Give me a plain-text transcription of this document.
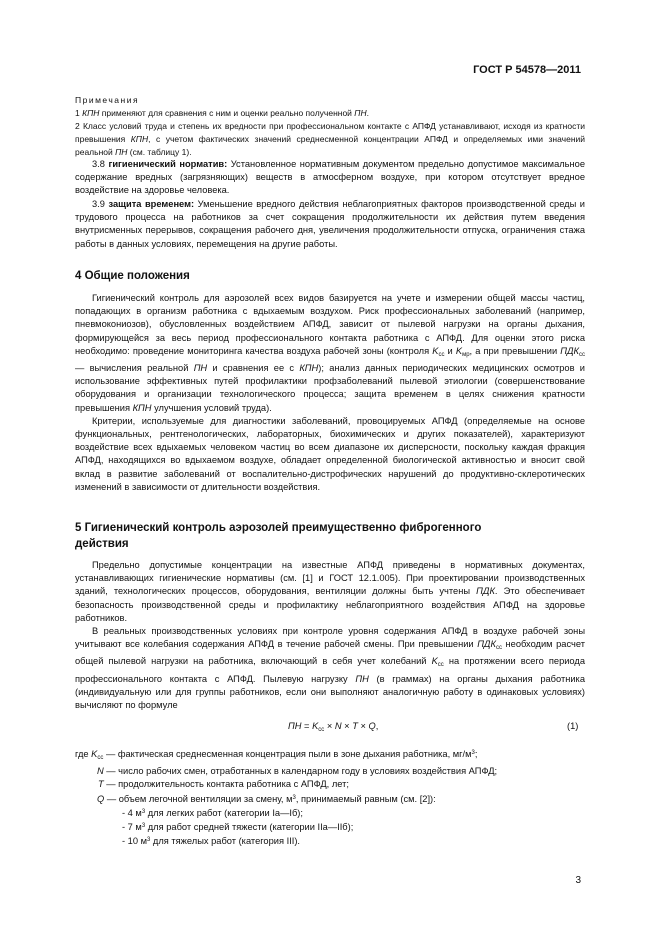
ГОСТ Р 54578—2011

Примечания

1 КПН применяют для сравнения с ним и оценки реально полученной ПН.

2 Класс условий труда и степень их вредности при профессиональном контакте с АПФД устанавливают, исходя из кратности превышения КПН, с учетом фактических значений среднесменной концентрации АПФД и определяемых ими значений реальной ПН (см. таблицу 1).

3.8 гигиенический норматив: Установленное нормативным документом предельно допустимое максимальное содержание вредных (загрязняющих) веществ в атмосферном воздухе, при котором отсутствует вредное воздействие на здоровье человека.

3.9 защита временем: Уменьшение вредного действия неблагоприятных факторов производственной среды и трудового процесса на работников за счет сокращения продолжительности их действия путем введения внутрисменных перерывов, сокращения рабочего дня, увеличения продолжительности отпуска, ограничения стажа работы в данных условиях, перемещения на другие работы.

4 Общие положения

Гигиенический контроль для аэрозолей всех видов базируется на учете и измерении общей массы частиц, попадающих в организм работника с вдыхаемым воздухом. Риск профессиональных заболеваний (например, пневмокониозов), обусловленных воздействием АПФД, зависит от пылевой нагрузки на органы дыхания, формирующейся за весь период профессионального контакта работника с АПФД. Для оценки этого риска необходимо: проведение мониторинга качества воздуха рабочей зоны (контроля $K_{сс}$ и $K_{мр}$, а при превышении $ПДК_{сс}$ — вычисления реальной ПН и сравнения ее с КПН); анализ данных периодических медицинских осмотров и использование эффективных путей профилактики профзаболеваний пылевой этиологии (совершенствование оборудования и организации технологического процесса; защита временем в целях снижения кратности превышения КПН улучшения условий труда).

Критерии, используемые для диагностики заболеваний, провоцируемых АПФД (определяемые на основе функциональных, рентгенологических, лабораторных, биохимических и других показателей), характеризуют воздействие всех вдыхаемых человеком частиц во всем диапазоне их дисперсности, поскольку каждая фракция АПФД, находящихся во вдыхаемом воздухе, обладает определенной биологической активностью и вносит свой вклад в развитие заболеваний от воспалительно-дистрофических нарушений до продуктивно-склеротических изменений в зависимости от длительности воздействия.

5 Гигиенический контроль аэрозолей преимущественно фиброгенного
действия

Предельно допустимые концентрации на известные АПФД приведены в нормативных документах, устанавливающих гигиенические нормативы (см. [1] и ГОСТ 12.1.005). При проектировании производственных зданий, технологических процессов, оборудования, вентиляции должны быть учтены ПДК. Это обеспечивает безопасность производственной среды и профилактику неблагоприятного воздействия АПФД на здоровье работников.

В реальных производственных условиях при контроле уровня содержания АПФД в воздухе рабочей зоны учитывают все колебания содержания АПФД в течение рабочей смены. При превышении $ПДК_{сс}$ необходим расчет общей пылевой нагрузки на работника, включающий в себя учет колебаний $K_{сс}$ на протяжении всего периода профессионального контакта с АПФД. Пылевую нагрузку ПН (в граммах) на органы дыхания работника (индивидуальную или для группы работников, если они выполняют аналогичную работу в одинаковых условиях) вычисляют по формуле

ПН = $K_{сс} \times N \times T \times Q$,	(1)
где $K_{сс}$ — фактическая среднесменная концентрация пыли в зоне дыхания работника, $мг/м^3$;
N — число рабочих смен, отработанных в календарном году в условиях воздействия АПФД;
T — продолжительность контакта работника с АПФД, лет;
Q — объем легочной вентиляции за смену, $м^3$, принимаемый равным (см. [2]):
- 4 $м^3$ для легких работ (категории Iа—Iб);
- 7 $м^3$ для работ средней тяжести (категории IIа—IIб);
- 10 $м^3$ для тяжелых работ (категория III).
3
